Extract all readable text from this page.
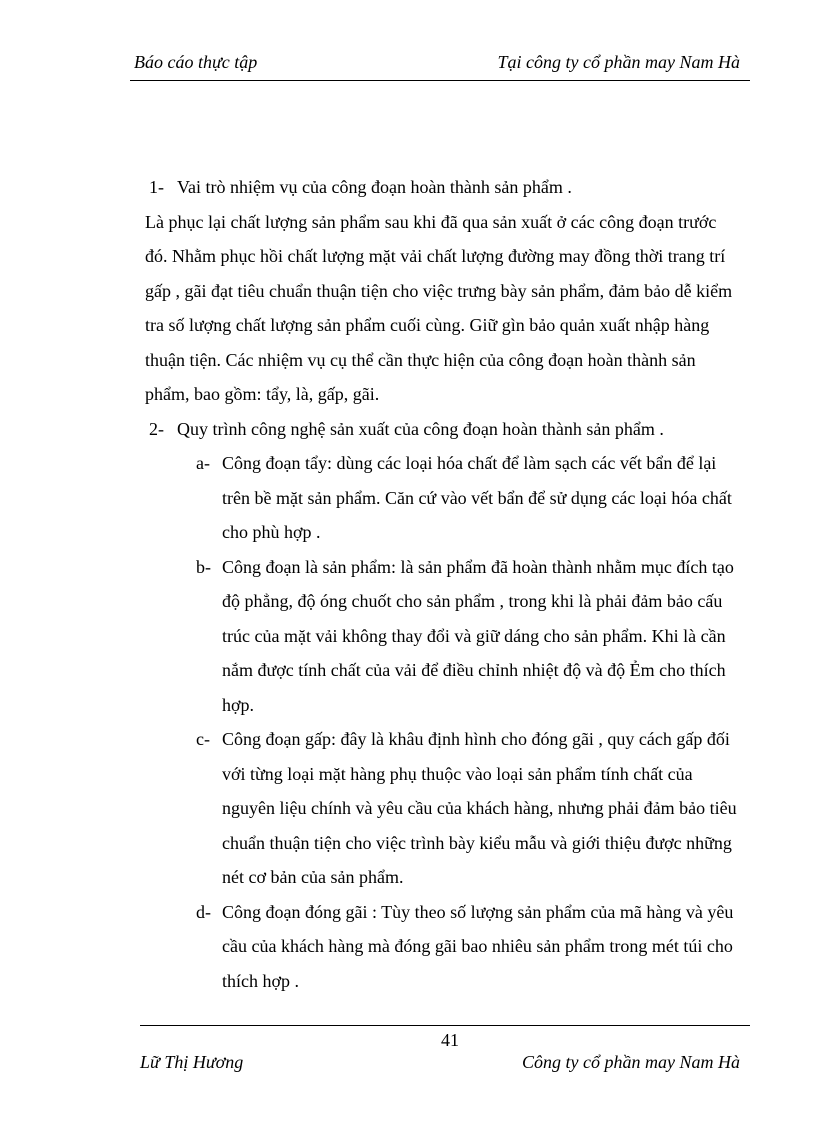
Báo cáo thực tập	Tại công ty cổ phần may Nam Hà
1- Vai trò nhiệm vụ của công đoạn hoàn thành sản phẩm .
Là phục lại chất lượng sản phẩm sau khi đã qua sản xuất ở các công đoạn trước
đó. Nhằm phục hồi chất lượng mặt vải chất lượng đường may đồng thời trang trí
gấp , gãi đạt tiêu chuẩn thuận tiện cho việc trưng bày sản phẩm, đảm bảo dễ kiểm
tra số lượng chất lượng sản phẩm cuối cùng. Giữ gìn bảo quản xuất nhập hàng
thuận tiện. Các nhiệm vụ cụ thể cần thực hiện của công đoạn hoàn thành sản
phẩm, bao gồm: tẩy, là, gấp, gãi.
2- Quy trình công nghệ sản xuất của công đoạn hoàn thành sản phẩm .
a- Công đoạn tẩy: dùng các loại hóa chất để làm sạch các vết bẩn để lại
trên bề mặt sản phẩm. Căn cứ vào vết bẩn để sử dụng các loại hóa chất
cho phù hợp .
b- Công đoạn là sản phẩm: là sản phẩm đã hoàn thành nhằm mục đích tạo
độ phẳng, độ óng chuốt cho sản phẩm , trong khi là phải đảm bảo cấu
trúc của mặt vải không thay đổi và giữ dáng cho sản phẩm. Khi là cần
nắm được tính chất của vải để điều chỉnh nhiệt độ và độ Ẻm cho thích
hợp.
c- Công đoạn gấp: đây là khâu định hình cho đóng gãi , quy cách gấp đối
với từng loại mặt hàng phụ thuộc vào loại sản phẩm tính chất của
nguyên liệu chính và yêu cầu của khách hàng, nhưng phải đảm bảo tiêu
chuẩn thuận tiện cho việc trình bày kiểu mẫu và giới thiệu được những
nét cơ bản của sản phẩm.
d- Công đoạn đóng gãi : Tùy theo số lượng sản phẩm của mã hàng và yêu
cầu của khách hàng mà đóng gãi bao nhiêu sản phẩm trong mét túi cho
thích hợp .
41
Lữ Thị Hương	Công ty cổ phần may Nam Hà
